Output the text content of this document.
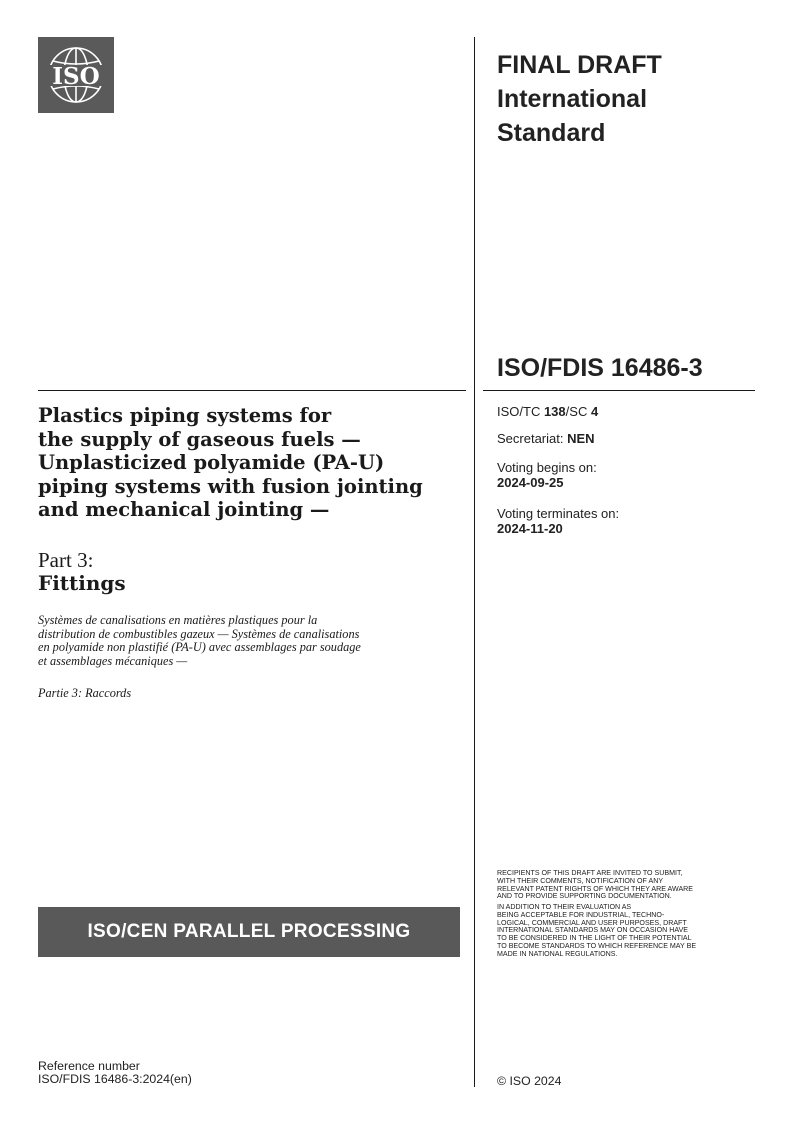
ISO	FINAL DRAFT
International
Standard
ISO/FDIS 16486-3
ISO/TC 138/SC 4
Secretariat: NEN
Voting begins on:
2024-09-25
Voting terminates on:
2024-11-20
Plastics piping systems for
the supply of gaseous fuels —
Unplasticized polyamide (PA-U)
piping systems with fusion jointing
and mechanical jointing —
Part 3:
Fittings
Systèmes de canalisations en matières plastiques pour la
distribution de combustibles gazeux — Systèmes de canalisations
en polyamide non plastifié (PA-U) avec assemblages par soudage
et assemblages mécaniques —
Partie 3: Raccords
ISO/CEN PARALLEL PROCESSING
RECIPIENTS OF THIS DRAFT ARE INVITED TO SUBMIT,
WITH THEIR COMMENTS, NOTIFICATION OF ANY
RELEVANT PATENT RIGHTS OF WHICH THEY ARE AWARE
AND TO PROVIDE SUPPORTING DOCUMENTATION.
IN ADDITION TO THEIR EVALUATION AS
BEING ACCEPTABLE FOR INDUSTRIAL, TECHNO-
LOGICAL, COMMERCIAL AND USER PURPOSES, DRAFT
INTERNATIONAL STANDARDS MAY ON OCCASION HAVE
TO BE CONSIDERED IN THE LIGHT OF THEIR POTENTIAL
TO BECOME STANDARDS TO WHICH REFERENCE MAY BE
MADE IN NATIONAL REGULATIONS.
Reference number
ISO/FDIS 16486-3:2024(en)	© ISO 2024
